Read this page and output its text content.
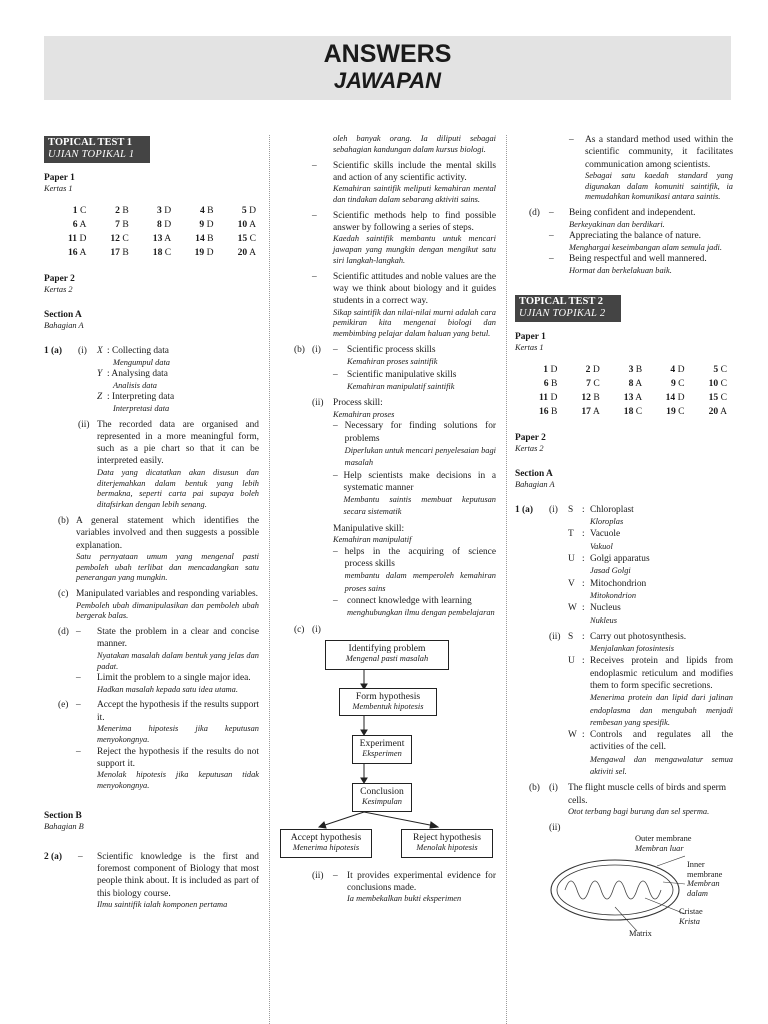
ANSWERS
JAWAPAN
TOPICAL TEST 1
UJIAN TOPIKAL 1
Paper 1
Kertas 1
1 C	2 B	3 D	4 B	5 D
6 A	7 B	8 D	9 D	10 A
11 D	12 C	13 A	14 B	15 C
16 A	17 B	18 C	19 D	20 A
Paper 2
Kertas 2
Section A
Bahagian A
1 (a)	(i)	X : Collecting data
Mengumpul data
Y : Analysing data
Analisis data
Z : Interpreting data
Interpretasi data
(ii) The recorded data are organised and represented in a more meaningful form, such as a pie chart so that it can be interpreted easily.
Data yang dicatatkan akan disusun dan diterjemahkan dalam bentuk yang lebih bermakna, seperti carta pai supaya boleh ditafsirkan dengan lebih senang.
(b) A general statement which identifies the variables involved and then suggests a possible explanation.
Satu pernyataan umum yang mengenal pasti pemboleh ubah terlibat dan mencadangkan satu penerangan yang mungkin.
(c) Manipulated variables and responding variables.
Pemboleh ubah dimanipulasikan dan pemboleh ubah bergerak balas.
(d) –	State the problem in a clear and concise manner.
Nyatakan masalah dalam bentuk yang jelas dan padat.
–	Limit the problem to a single major idea.
Hadkan masalah kepada satu idea utama.
(e) –	Accept the hypothesis if the results support it.
Menerima hipotesis jika keputusan menyokongnya.
–	Reject the hypothesis if the results do not support it.
Menolak hipotesis jika keputusan tidak menyokongnya.
Section B
Bahagian B
2 (a)	–	Scientific knowledge is the first and foremost component of Biology that most people think about. It is included as part of this biology course.
Ilmu saintifik ialah komponen pertama
oleh banyak orang. Ia diliputi sebagai sebahagian kandungan dalam kursus biologi.
–	Scientific skills include the mental skills and action of any scientific activity.
Kemahiran saintifik meliputi kemahiran mental dan tindakan dalam sebarang aktiviti sains.
–	Scientific methods help to find possible answer by following a series of steps.
Kaedah saintifik membantu untuk mencari jawapan yang mungkin dengan mengikut satu siri langkah-langkah.
–	Scientific attitudes and noble values are the way we think about biology and it guides students in a correct way.
Sikap saintifik dan nilai-nilai murni adalah cara pemikiran kita mengenai biologi dan membimbing pelajar dalam haluan yang betul.
(b) (i)	– Scientific process skills
Kemahiran proses saintifik
– Scientific manipulative skills
Kemahiran manipulatif saintifik
(ii)	Process skill:
Kemahiran proses
– Necessary for finding solutions for problems
Diperlukan untuk mencari penyelesaian bagi masalah
– Help scientists make decisions in a systematic manner
Membantu saintis membuat keputusan secara sistematik
Manipulative skill:
Kemahiran manipulatif
– helps in the acquiring of science process skills
membantu dalam memperoleh kemahiran proses sains
– connect knowledge with learning
menghubungkan ilmu dengan pembelajaran
(c) (i)
Identifying problem
Mengenal pasti masalah
Form hypothesis
Membentuk hipotesis
Experiment
Eksperimen
Conclusion
Kesimpulan
Accept hypothesis
Menerima hipotesis
Reject hypothesis
Menolak hipotesis
(ii)	– It provides experimental evidence for conclusions made.
Ia membekalkan bukti eksperimen
–	As a standard method used within the scientific community, it facilitates communication among scientists.
Sebagai satu kaedah standard yang digunakan dalam komuniti saintifik, ia memudahkan komunikasi antara saintis.
(d) –	Being confident and independent.
Berkeyakinan dan berdikari.
–	Appreciating the balance of nature.
Menghargai keseimbangan alam semula jadi.
–	Being respectful and well mannered.
Hormat dan berkelakuan baik.
TOPICAL TEST 2
UJIAN TOPIKAL 2
Paper 1
Kertas 1
1 D	2 D	3 B	4 D	5 C
6 B	7 C	8 A	9 C	10 C
11 D	12 B	13 A	14 D	15 C
16 B	17 A	18 C	19 C	20 A
Paper 2
Kertas 2
Section A
Bahagian A
1 (a)	(i)	S : Chloroplast
Kloroplas
T : Vacuole
Vakuol
U : Golgi apparatus
Jasad Golgi
V : Mitochondrion
Mitokondrion
W : Nucleus
Nukleus
(ii) S : Carry out photosynthesis.
Menjalankan fotosintesis
U : Receives protein and lipids from endoplasmic reticulum and modifies them to form specific secretions.
Menerima protein dan lipid dari jalinan endoplasma dan mengubah menjadi rembesan yang spesifik.
W : Controls and regulates all the activities of the cell.
Mengawal dan mengawalatur semua aktiviti sel.
(b) (i)	The flight muscle cells of birds and sperm cells.
Otot terbang bagi burung dan sel sperma.
(ii)
Outer membrane
Membran luar
Inner membrane
Membran dalam
Cristae
Krista
Matrix
